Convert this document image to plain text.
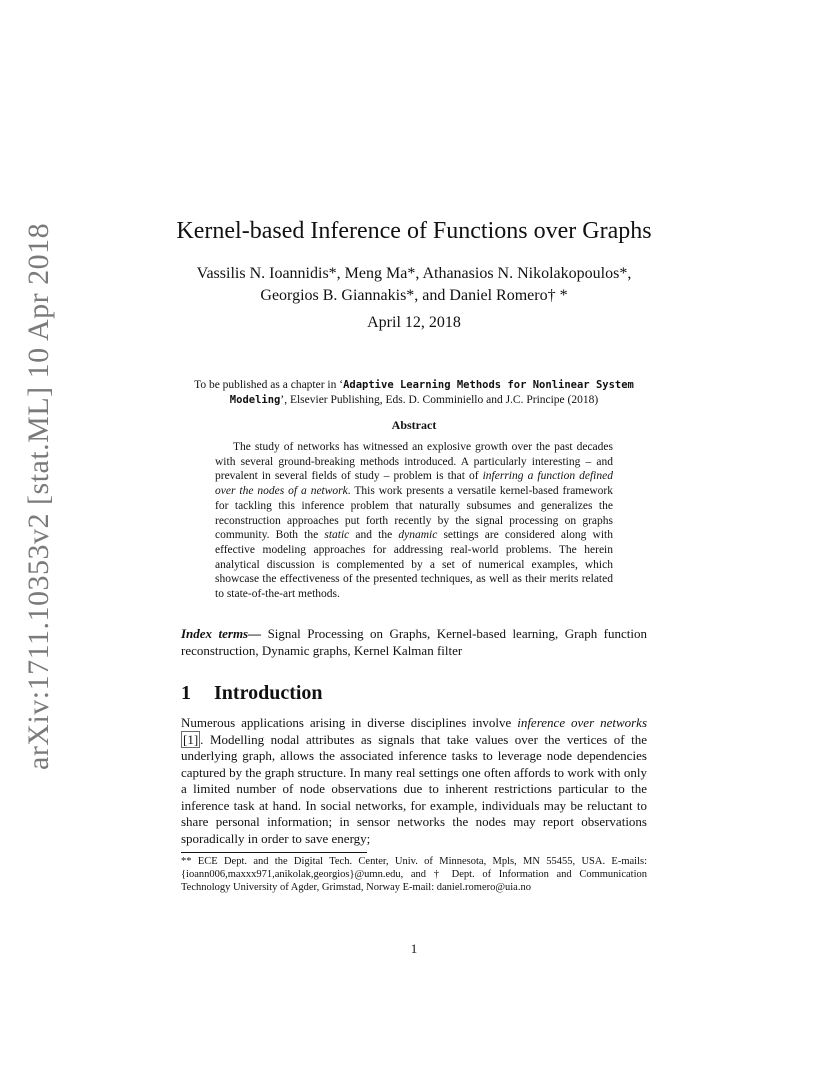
arXiv:1711.10353v2 [stat.ML] 10 Apr 2018	Kernel-based Inference of Functions over Graphs
Vassilis N. Ioannidis*, Meng Ma*, Athanasios N. Nikolakopoulos*,
Georgios B. Giannakis*, and Daniel Romero† *
April 12, 2018
To be published as a chapter in ‘Adaptive Learning Methods for Nonlinear System Modeling’, Elsevier Publishing, Eds. D. Comminiello and J.C. Principe (2018)
Abstract
The study of networks has witnessed an explosive growth over the past decades with several ground-breaking methods introduced. A particularly interesting – and prevalent in several fields of study – problem is that of inferring a function defined over the nodes of a network. This work presents a versatile kernel-based framework for tackling this inference problem that naturally subsumes and generalizes the reconstruction approaches put forth recently by the signal processing on graphs community. Both the static and the dynamic settings are considered along with effective modeling approaches for addressing real-world problems. The herein analytical discussion is complemented by a set of numerical examples, which showcase the effectiveness of the presented techniques, as well as their merits related to state-of-the-art methods.
Index terms— Signal Processing on Graphs, Kernel-based learning, Graph function reconstruction, Dynamic graphs, Kernel Kalman filter
1 Introduction
Numerous applications arising in diverse disciplines involve inference over networks [1] . Modelling nodal attributes as signals that take values over the vertices of the underlying graph, allows the associated inference tasks to leverage node dependencies captured by the graph structure. In many real settings one often affords to work with only a limited number of node observations due to inherent restrictions particular to the inference task at hand. In social networks, for example, individuals may be reluctant to share personal information; in sensor networks the nodes may report observations sporadically in order to save energy;
** ECE Dept. and the Digital Tech. Center, Univ. of Minnesota, Mpls, MN 55455, USA. E-mails:{ioann006,maxxx971,anikolak,georgios}@umn.edu, and † Dept. of Information and Communication Technology University of Agder, Grimstad, Norway E-mail: daniel.romero@uia.no
1
